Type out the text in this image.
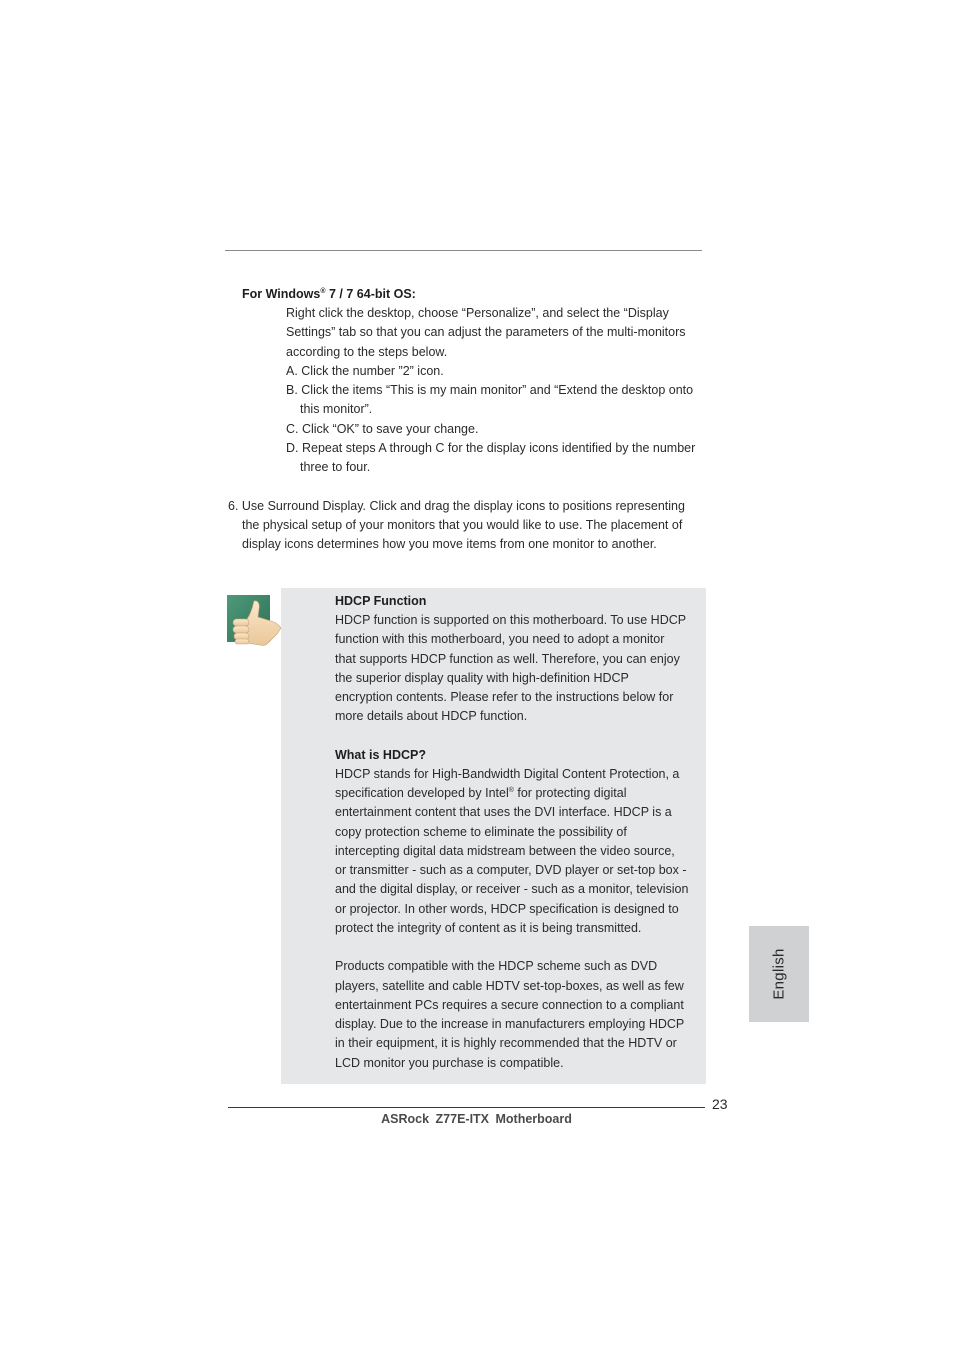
For Windows® 7 / 7 64-bit OS:
Right click the desktop, choose “Personalize”, and select the “Display
Settings” tab so that you can adjust the parameters of the multi-monitors
according to the steps below.
A. Click the number ”2” icon.
B. Click the items “This is my main monitor” and “Extend the desktop onto
this monitor”.
C. Click “OK” to save your change.
D. Repeat steps A through C for the display icons identified by the number
three to four.
6. Use Surround Display. Click and drag the display icons to positions representing
the physical setup of your monitors that you would like to use. The placement of
display icons determines how you move items from one monitor to another.
HDCP Function
HDCP function is supported on this motherboard. To use HDCP
function with this motherboard, you need to adopt a monitor
that supports HDCP function as well. Therefore, you can enjoy
the superior display quality with high-definition HDCP
encryption contents. Please refer to the instructions below for
more details about HDCP function.
What is HDCP?
HDCP stands for High-Bandwidth Digital Content Protection, a
specification developed by Intel® for protecting digital
entertainment content that uses the DVI interface. HDCP is a
copy protection scheme to eliminate the possibility of
intercepting digital data midstream between the video source,
or transmitter - such as a computer, DVD player or set-top box -
and the digital display, or receiver - such as a monitor, television
or projector. In other words, HDCP specification is designed to
protect the integrity of content as it is being transmitted.
Products compatible with the HDCP scheme such as DVD
players, satellite and cable HDTV set-top-boxes, as well as few
entertainment PCs requires a secure connection to a compliant
display. Due to the increase in manufacturers employing HDCP
in their equipment, it is highly recommended that the HDTV or
LCD monitor you purchase is compatible.
English
23
ASRock Z77E-ITX Motherboard
